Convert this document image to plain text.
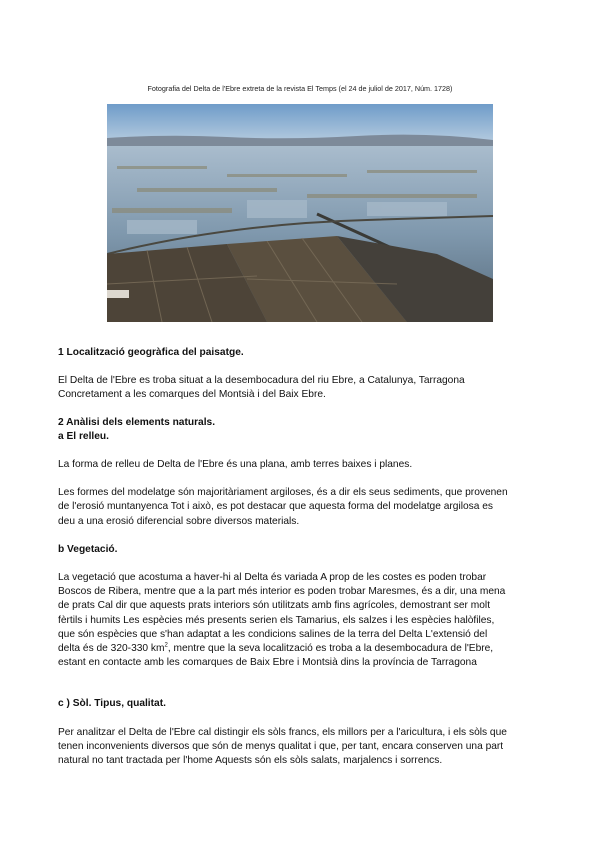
Fotografia del Delta de l'Ebre extreta de la revista El Temps (el 24 de juliol de 2017, Núm. 1728)

1 Localització geogràfica del paisatge.

El Delta de l'Ebre es troba situat a la desembocadura del riu Ebre, a Catalunya, Tarragona

Concretament a les comarques del Montsià i del Baix Ebre.

2 Anàlisi dels elements naturals.

a El relleu.

La forma de relleu de Delta de l'Ebre és una plana, amb terres baixes i planes.

Les formes del modelatge són majoritàriament argiloses, és a dir els seus sediments, que provenen

de l'erosió muntanyenca Tot i això, es pot destacar que aquesta forma del modelatge argilosa es

deu a una erosió diferencial sobre diversos materials.

b Vegetació.

La vegetació que acostuma a haver-hi al Delta és variada A prop de les costes es poden trobar

Boscos de Ribera, mentre que a la part més interior es poden trobar Maresmes, és a dir, una mena

de prats Cal dir que aquests prats interiors són utilitzats amb fins agrícoles, demostrant ser molt

fèrtils i humits Les espècies més presents serien els Tamarius, els salzes i les espècies halòfiles,

que són espècies que s'han adaptat a les condicions salines de la terra del Delta L'extensió del

delta és de 320-330 $km^2$, mentre que la seva localització es troba a la desembocadura de l'Ebre,

estant en contacte amb les comarques de Baix Ebre i Montsià dins la província de Tarragona

c ) Sòl. Tipus, qualitat.

Per analitzar el Delta de l'Ebre cal distingir els sòls francs, els millors per a l'aricultura, i els sòls que

tenen inconvenients diversos que són de menys qualitat i que, per tant, encara conserven una part

natural no tant tractada per l'home Aquests són els sòls salats, marjalencs i sorrencs.
